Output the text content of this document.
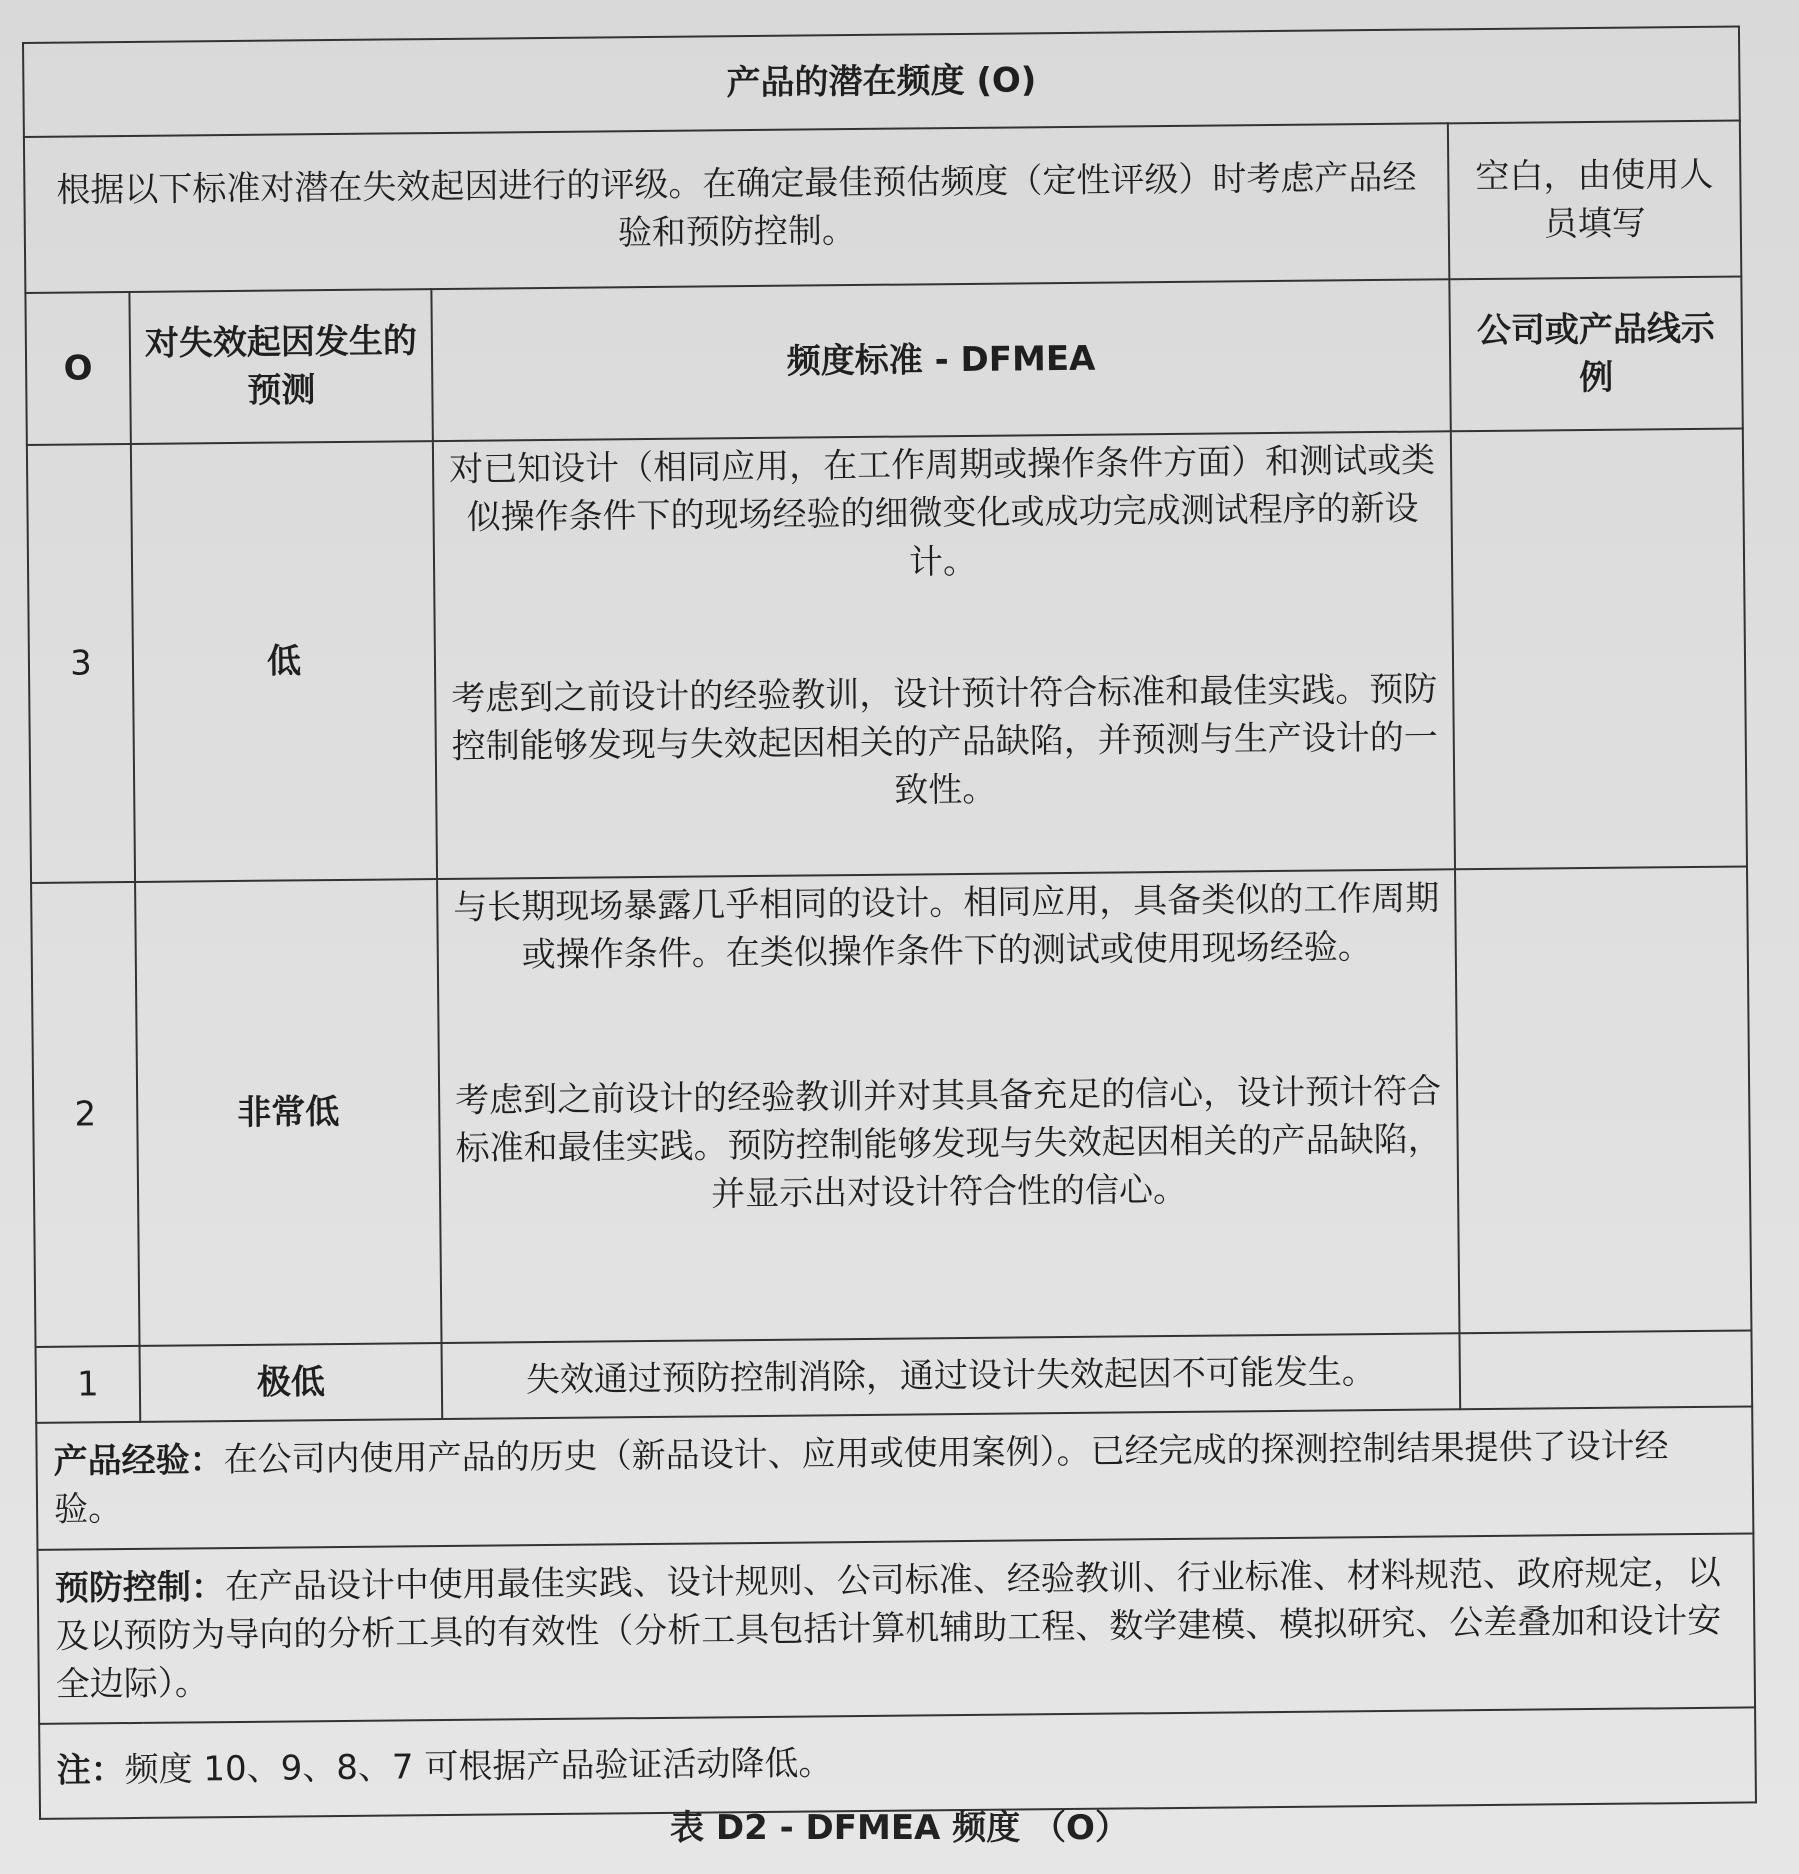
产品的潜在频度 (O)			
根据以下标准对潜在失效起因进行的评级。在确定最佳预估频度（定性评级）时考虑产品经验和预防控制。			空白，由使用人员填写
O	对失效起因发生的预测	频度标准 - DFMEA	公司或产品线示例
3	低	对已知设计（相同应用，在工作周期或操作条件方面）和测试或类似操作条件下的现场经验的细微变化或成功完成测试程序的新设计。
考虑到之前设计的经验教训，设计预计符合标准和最佳实践。预防控制能够发现与失效起因相关的产品缺陷，并预测与生产设计的一致性。	

2	非常低	与长期现场暴露几乎相同的设计。相同应用，具备类似的工作周期或操作条件。在类似操作条件下的测试或使用现场经验。
考虑到之前设计的经验教训并对其具备充足的信心，设计预计符合标准和最佳实践。预防控制能够发现与失效起因相关的产品缺陷，并显示出对设计符合性的信心。	

1	极低	失效通过预防控制消除，通过设计失效起因不可能发生。	
产品经验：在公司内使用产品的历史（新品设计、应用或使用案例）。已经完成的探测控制结果提供了设计经验。			
预防控制：在产品设计中使用最佳实践、设计规则、公司标准、经验教训、行业标准、材料规范、政府规定，以及以预防为导向的分析工具的有效性（分析工具包括计算机辅助工程、数学建模、模拟研究、公差叠加和设计安全边际）。			
注：频度 10、9、8、7 可根据产品验证活动降低。			
表 D2 - DFMEA 频度 （O）
